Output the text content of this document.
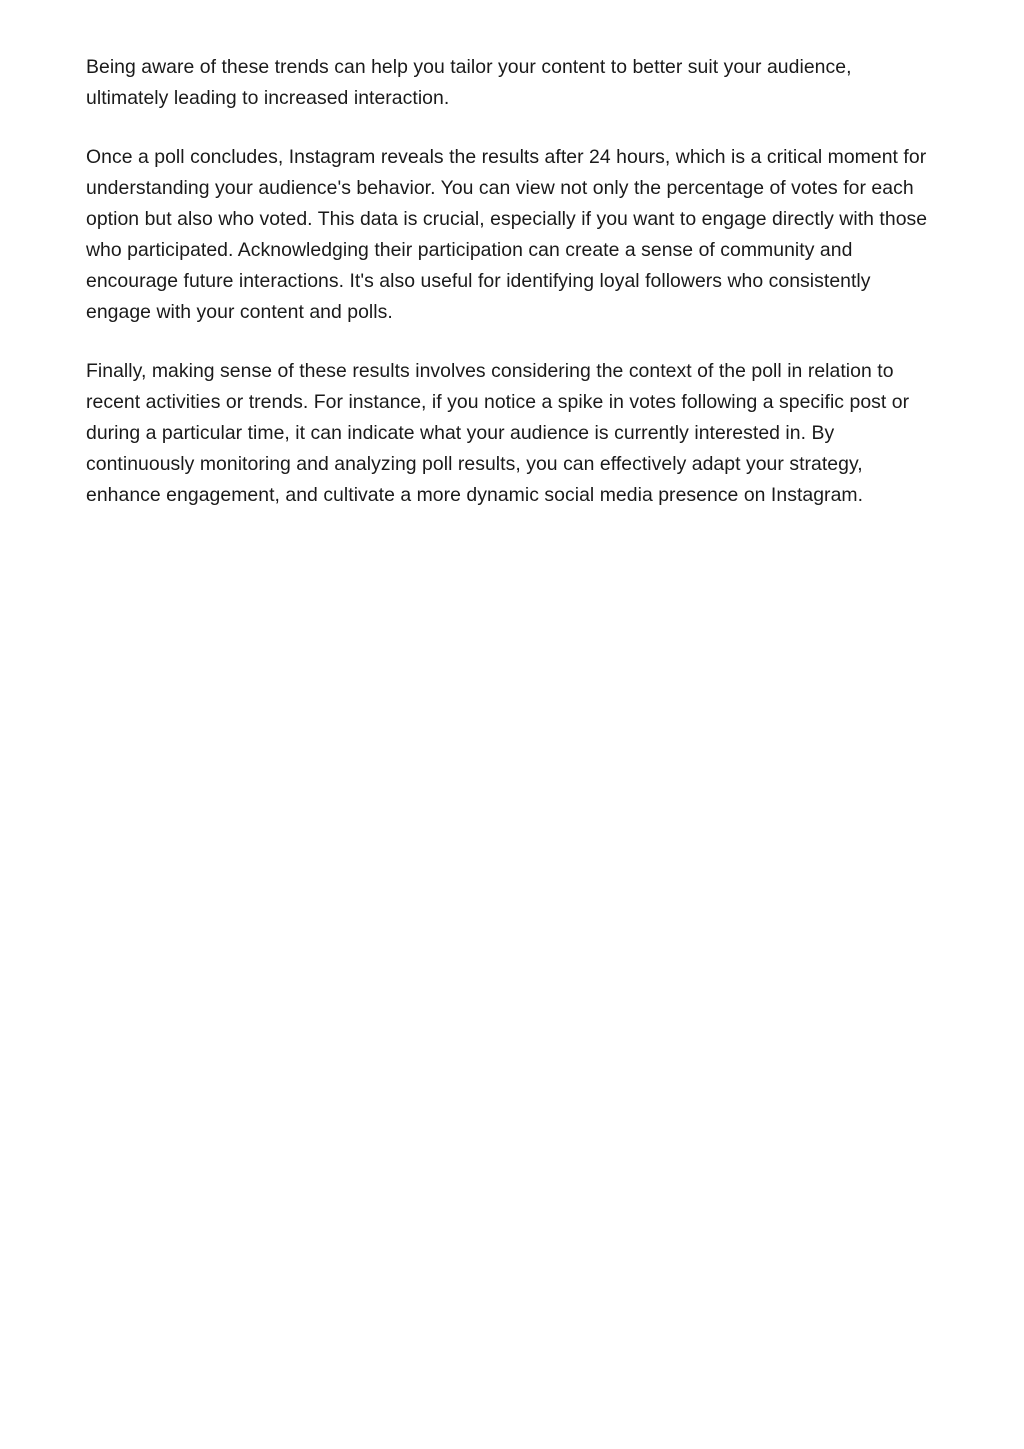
Being aware of these trends can help you tailor your content to better suit your audience, ultimately leading to increased interaction.

Once a poll concludes, Instagram reveals the results after 24 hours, which is a critical moment for understanding your audience's behavior. You can view not only the percentage of votes for each option but also who voted. This data is crucial, especially if you want to engage directly with those who participated. Acknowledging their participation can create a sense of community and encourage future interactions. It's also useful for identifying loyal followers who consistently engage with your content and polls.

Finally, making sense of these results involves considering the context of the poll in relation to recent activities or trends. For instance, if you notice a spike in votes following a specific post or during a particular time, it can indicate what your audience is currently interested in. By continuously monitoring and analyzing poll results, you can effectively adapt your strategy, enhance engagement, and cultivate a more dynamic social media presence on Instagram.
